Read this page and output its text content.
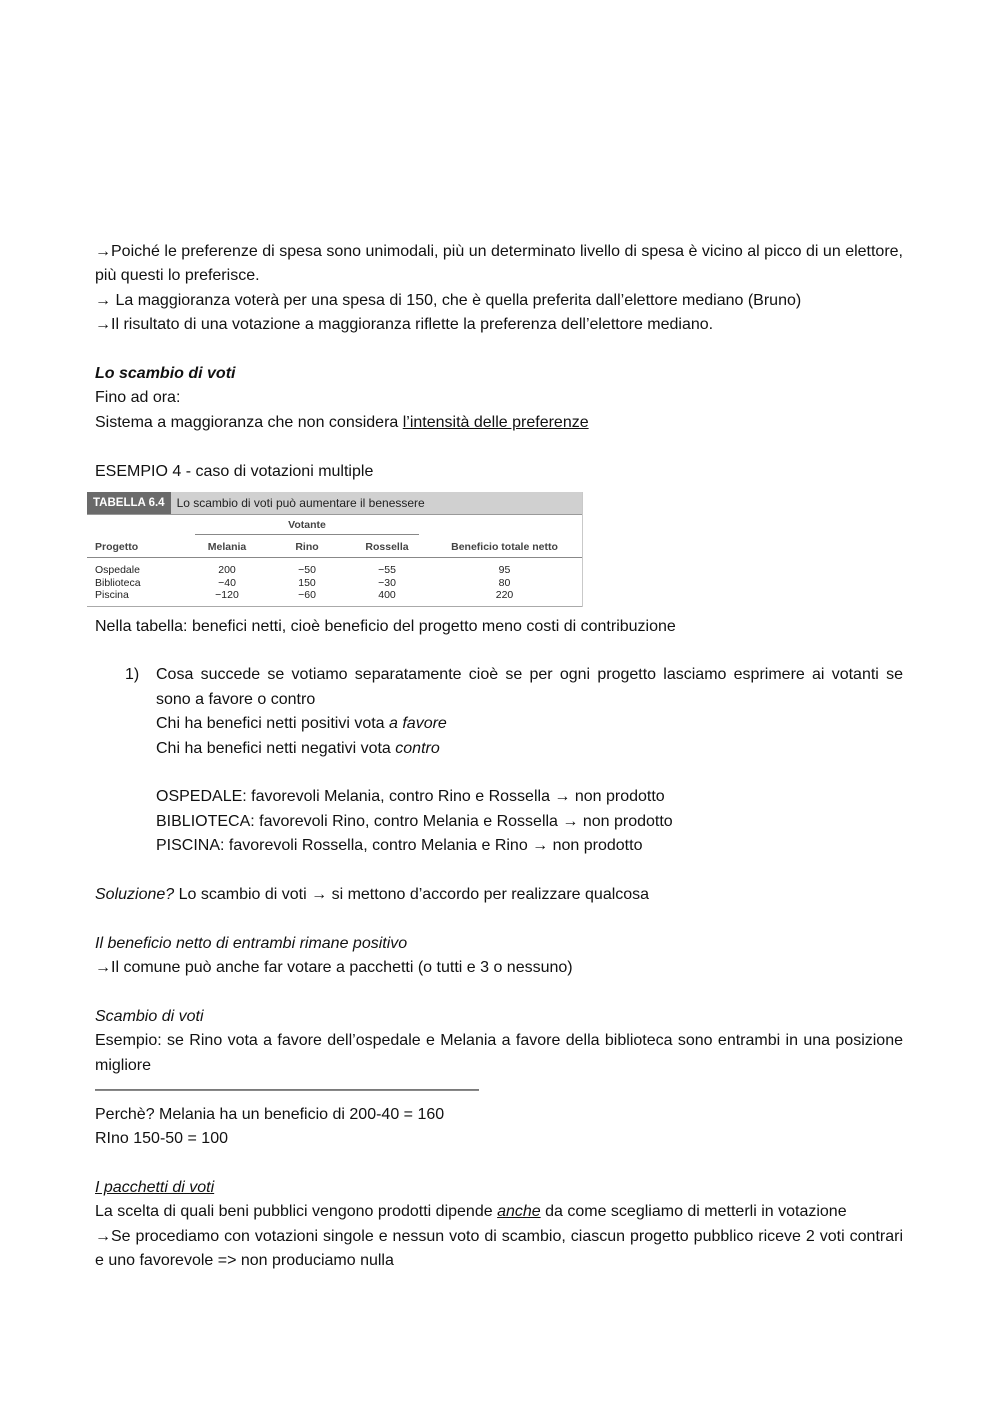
→Poiché le preferenze di spesa sono unimodali, più un determinato livello di spesa è vicino al picco di un elettore, più questi lo preferisce.

→ La maggioranza voterà per una spesa di 150, che è quella preferita dall’elettore mediano (Bruno)

→Il risultato di una votazione a maggioranza riflette la preferenza dell’elettore mediano.

Lo scambio di voti

Fino ad ora:

Sistema a maggioranza che non considera l’intensità delle preferenze

ESEMPIO 4 - caso di votazioni multiple

TABELLA 6.4	Lo scambio di voti può aumentare il benessere
Votante
Progetto	Melania	Rino	Rossella	Beneficio totale netto
Ospedale	200	−50	−55	95
Biblioteca	−40	150	−30	80
Piscina	−120	−60	400	220

Nella tabella: benefici netti, cioè beneficio del progetto meno costi di contribuzione

1) Cosa succede se votiamo separatamente cioè se per ogni progetto lasciamo esprimere ai votanti se sono a favore o contro

Chi ha benefici netti positivi vota a favore

Chi ha benefici netti negativi vota contro

OSPEDALE: favorevoli Melania, contro Rino e Rossella → non prodotto

BIBLIOTECA: favorevoli Rino, contro Melania e Rossella → non prodotto

PISCINA: favorevoli Rossella, contro Melania e Rino → non prodotto

Soluzione? Lo scambio di voti → si mettono d’accordo per realizzare qualcosa

Il beneficio netto di entrambi rimane positivo

→Il comune può anche far votare a pacchetti (o tutti e 3 o nessuno)

Scambio di voti

Esempio: se Rino vota a favore dell’ospedale e Melania a favore della biblioteca sono entrambi in una posizione migliore

————————————————————————

Perchè? Melania ha un beneficio di 200-40 = 160

RIno 150-50 = 100

I pacchetti di voti

La scelta di quali beni pubblici vengono prodotti dipende anche da come scegliamo di metterli in votazione

→Se procediamo con votazioni singole e nessun voto di scambio, ciascun progetto pubblico riceve 2 voti contrari e uno favorevole => non produciamo nulla
